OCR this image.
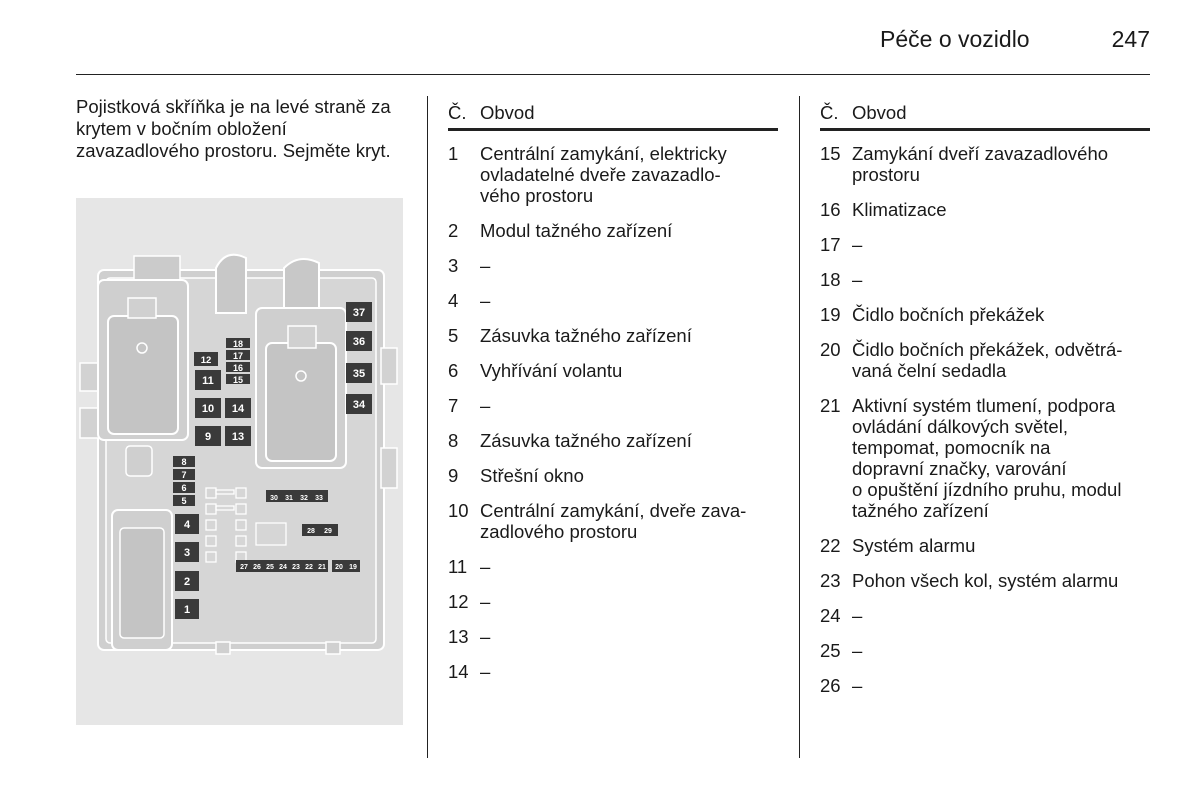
Péče o vozidlo	247
Pojistková skříňka je na levé straně za krytem v bočním obložení zavazadlového prostoru. Sejměte kryt.
37
36
35
34
11
14
10
9 13
12 17
16
15
18
8
7
6
5
4
3
2
1
30 31 32 33
28 29
27 26 25 24 23 22 21 20 19
Č. Obvod
1	Centrální zamykání, elektricky
ovladatelné dveře zavazadlo-
vého prostoru
2	Modul tažného zařízení
3	–
4	–
5	Zásuvka tažného zařízení
6	Vyhřívání volantu
7	–
8	Zásuvka tažného zařízení
9	Střešní okno
10 Centrální zamykání, dveře zava-
zadlového prostoru
11 –
12 –
13 –
14 –
Č. Obvod
15 Zamykání dveří zavazadlového
prostoru
16 Klimatizace
17 –
18 –
19 Čidlo bočních překážek
20 Čidlo bočních překážek, odvětrá-
vaná čelní sedadla
21 Aktivní systém tlumení, podpora
ovládání dálkových světel,
tempomat, pomocník na
dopravní značky, varování
o opuštění jízdního pruhu, modul
tažného zařízení
22 Systém alarmu
23 Pohon všech kol, systém alarmu
24 –
25 –
26 –
